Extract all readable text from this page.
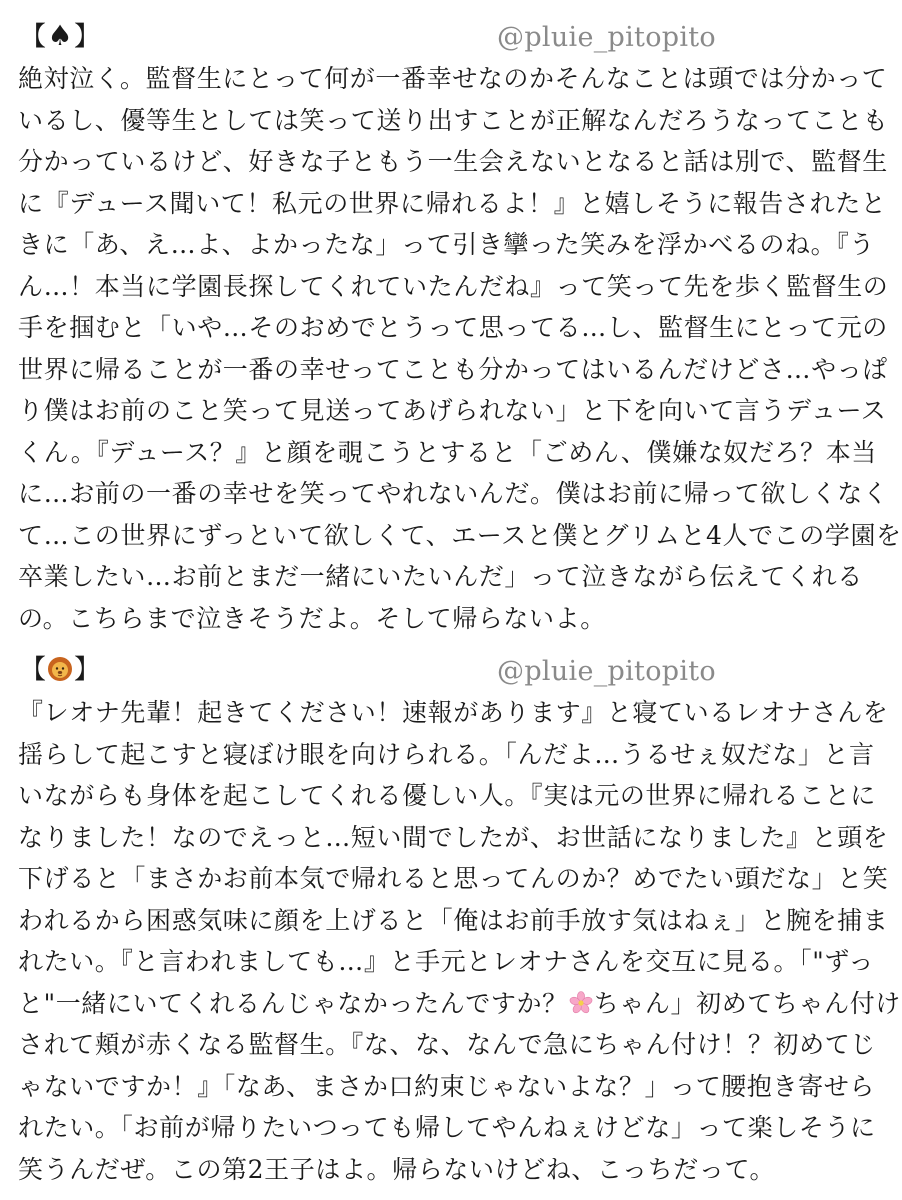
【♠】	@pluie_pitopito
絶対泣く。監督生にとって何が一番幸せなのかそんなことは頭では分かって
いるし、優等生としては笑って送り出すことが正解なんだろうなってことも
分かっているけど、好きな子ともう一生会えないとなると話は別で、監督生
に『デュース聞いて！私元の世界に帰れるよ！』と嬉しそうに報告されたと
きに「あ、え…よ、よかったな」って引き攣った笑みを浮かべるのね。『う
ん…！本当に学園長探してくれていたんだね』って笑って先を歩く監督生の
手を掴むと「いや…そのおめでとうって思ってる…し、監督生にとって元の
世界に帰ることが一番の幸せってことも分かってはいるんだけどさ…やっぱ
り僕はお前のこと笑って見送ってあげられない」と下を向いて言うデュース
くん。『デュース？』と顔を覗こうとすると「ごめん、僕嫌な奴だろ？本当
に…お前の一番の幸せを笑ってやれないんだ。僕はお前に帰って欲しくなく
て…この世界にずっといて欲しくて、エースと僕とグリムと4人でこの学園を
卒業したい…お前とまだ一緒にいたいんだ」って泣きながら伝えてくれる
の。こちらまで泣きそうだよ。そして帰らないよ。
【 】	@pluie_pitopito
『レオナ先輩！起きてください！速報があります』と寝ているレオナさんを
揺らして起こすと寝ぼけ眼を向けられる。「んだよ…うるせぇ奴だな」と言
いながらも身体を起こしてくれる優しい人。『実は元の世界に帰れることに
なりました！なのでえっと…短い間でしたが、お世話になりました』と頭を
下げると「まさかお前本気で帰れると思ってんのか？めでたい頭だな」と笑
われるから困惑気味に顔を上げると「俺はお前手放す気はねぇ」と腕を捕ま
れたい。『と言われましても…』と手元とレオナさんを交互に見る。「"ずっ
と"一緒にいてくれるんじゃなかったんですか？ ちゃん」初めてちゃん付け
されて頬が赤くなる監督生。『な、な、なんで急にちゃん付け！？初めてじ
ゃないですか！』「なあ、まさか口約束じゃないよな？」って腰抱き寄せら
れたい。「お前が帰りたいつっても帰してやんねぇけどな」って楽しそうに
笑うんだぜ。この第2王子はよ。帰らないけどね、こっちだって。
